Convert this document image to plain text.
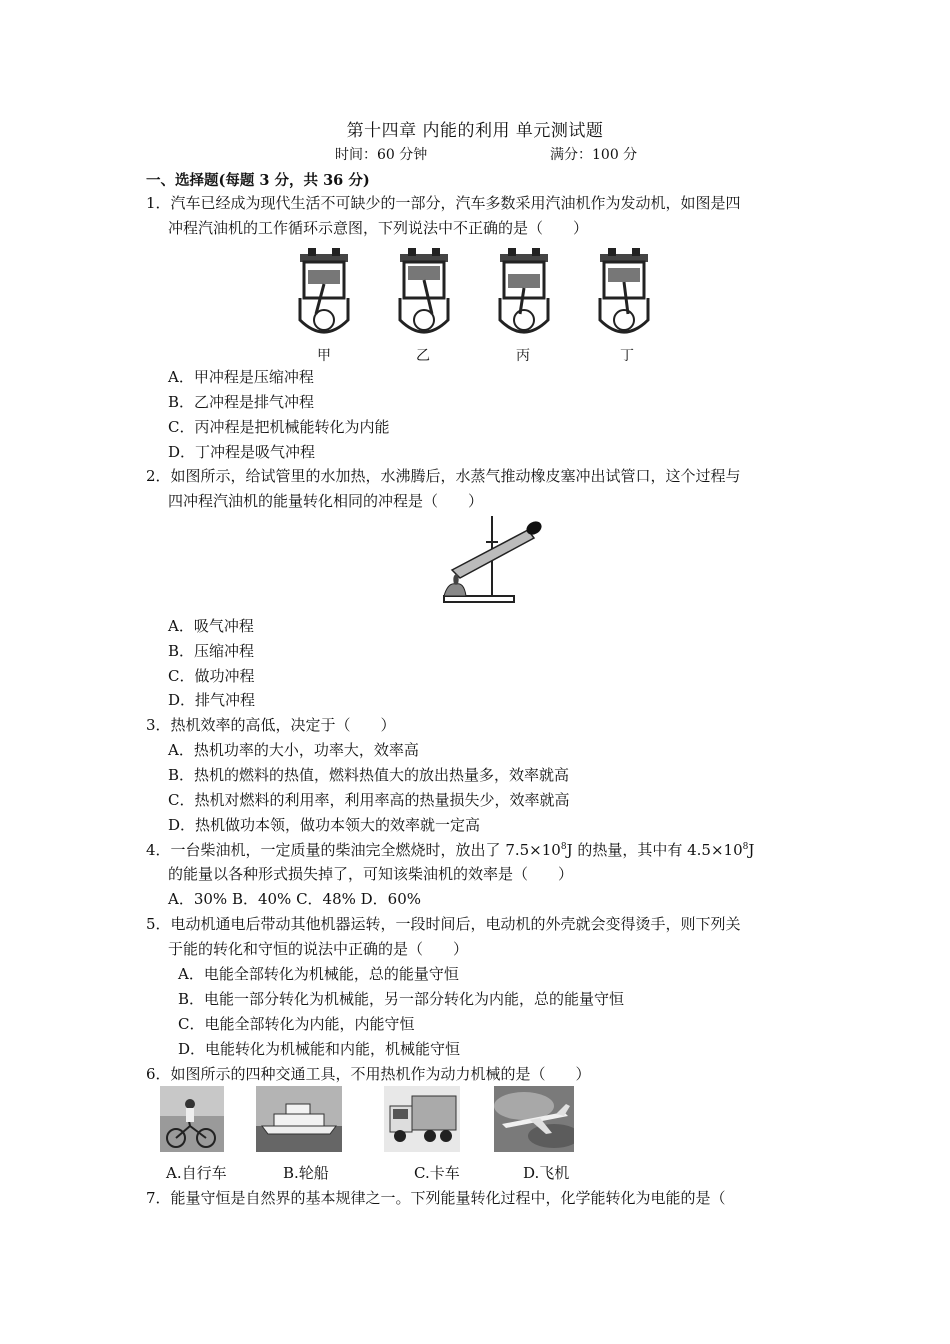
第十四章 内能的利用 单元测试题
时间：60 分钟	满分：100 分
一、选择题(每题 3 分，共 36 分)
1．汽车已经成为现代生活不可缺少的一部分，汽车多数采用汽油机作为发动机，如图是四
冲程汽油机的工作循环示意图，下列说法中不正确的是（　　）
甲	乙	丙	丁
A．甲冲程是压缩冲程
B．乙冲程是排气冲程
C．丙冲程是把机械能转化为内能
D．丁冲程是吸气冲程
2．如图所示，给试管里的水加热，水沸腾后，水蒸气推动橡皮塞冲出试管口，这个过程与
四冲程汽油机的能量转化相同的冲程是（　　）
A．吸气冲程
B．压缩冲程
C．做功冲程
D．排气冲程
3．热机效率的高低，决定于（　　）
A．热机功率的大小，功率大，效率高
B．热机的燃料的热值，燃料热值大的放出热量多，效率就高
C．热机对燃料的利用率，利用率高的热量损失少，效率就高
D．热机做功本领，做功本领大的效率就一定高
4．一台柴油机，一定质量的柴油完全燃烧时，放出了 $7.5\times 10^8J$ 的热量，其中有 $4.5\times 10^8J$
的能量以各种形式损失掉了，可知该柴油机的效率是（　　）
A．30% B．40% C．48% D．60%
5．电动机通电后带动其他机器运转，一段时间后，电动机的外壳就会变得烫手，则下列关
于能的转化和守恒的说法中正确的是（　　）
A．电能全部转化为机械能，总的能量守恒
B．电能一部分转化为机械能，另一部分转化为内能，总的能量守恒
C．电能全部转化为内能，内能守恒
D．电能转化为机械能和内能，机械能守恒
6．如图所示的四种交通工具，不用热机作为动力机械的是（　　）
A.自行车	B.轮船	C.卡车	D.飞机
7．能量守恒是自然界的基本规律之一。下列能量转化过程中，化学能转化为电能的是（
